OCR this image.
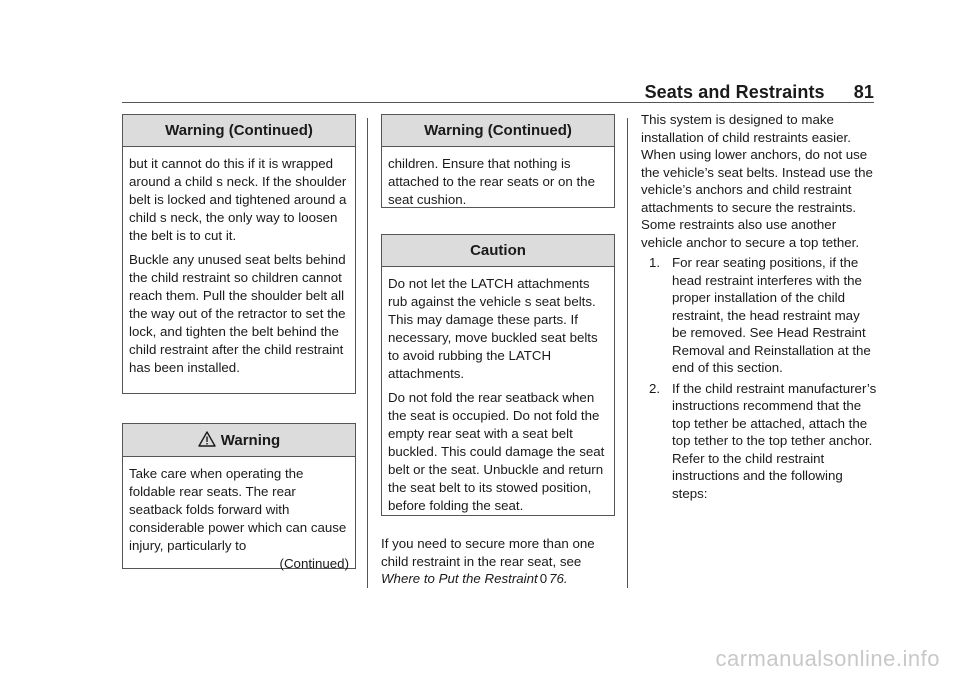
Seats and Restraints 81
Warning (Continued)

but it cannot do this if it is wrapped around a child s neck. If the shoulder belt is locked and tightened around a child s neck, the only way to loosen the belt is to cut it.

Buckle any unused seat belts behind the child restraint so children cannot reach them. Pull the shoulder belt all the way out of the retractor to set the lock, and tighten the belt behind the child restraint after the child restraint has been installed.

Warning

Take care when operating the foldable rear seats. The rear seatback folds forward with considerable power which can cause injury, particularly to

(Continued)

Warning (Continued)

children. Ensure that nothing is attached to the rear seats or on the seat cushion.

Caution

Do not let the LATCH attachments rub against the vehicle s seat belts. This may damage these parts. If necessary, move buckled seat belts to avoid rubbing the LATCH attachments.

Do not fold the rear seatback when the seat is occupied. Do not fold the empty rear seat with a seat belt buckled. This could damage the seat belt or the seat. Unbuckle and return the seat belt to its stowed position, before folding the seat.

If you need to secure more than one child restraint in the rear seat, see Where to Put the Restraint 0 76.

This system is designed to make installation of child restraints easier. When using lower anchors, do not use the vehicle’s seat belts. Instead use the vehicle’s anchors and child restraint attachments to secure the restraints. Some restraints also use another vehicle anchor to secure a top tether.

1. For rear seating positions, if the head restraint interferes with the proper installation of the child restraint, the head restraint may be removed. See Head Restraint Removal and Reinstallation at the end of this section.
2. If the child restraint manufacturer’s instructions recommend that the top tether be attached, attach the top tether to the top tether anchor. Refer to the child restraint instructions and the following steps:
carmanualsonline.info
